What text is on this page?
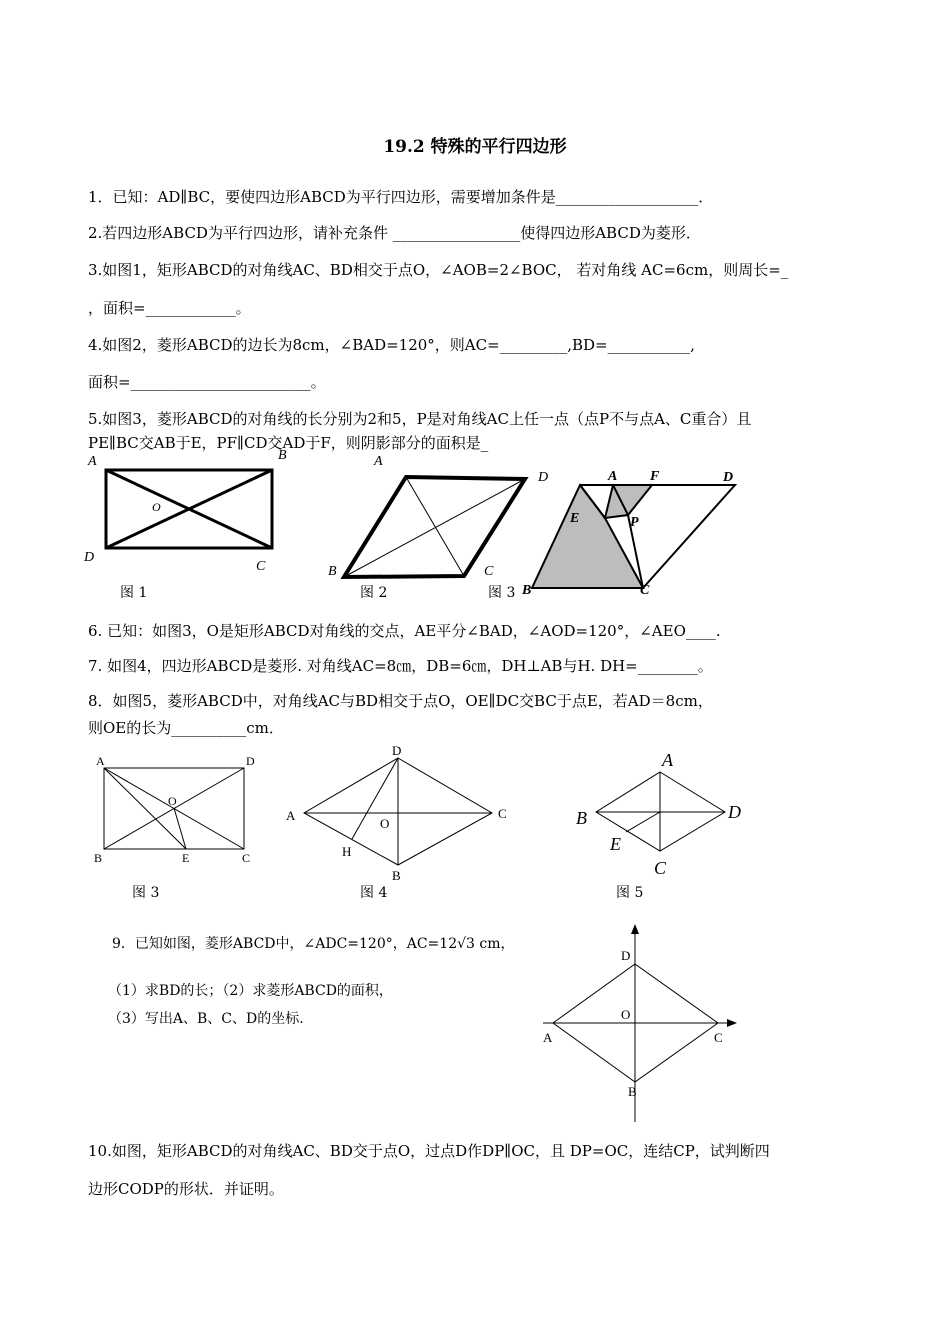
19.2 特殊的平行四边形
1．已知：AD∥BC，要使四边形ABCD为平行四边形，需要增加条件是___________________．
2.若四边形ABCD为平行四边形，请补充条件 _________________使得四边形ABCD为菱形．
3.如图1，矩形ABCD的对角线AC、BD相交于点O，∠AOB=2∠BOC， 若对角线 AC=6cm，则周长=_
，面积=____________。
4.如图2，菱形ABCD的边长为8cm，∠BAD=120°，则AC=_________,BD=___________,
面积=________________________。
5.如图3，菱形ABCD的对角线的长分别为2和5，P是对角线AC上任一点（点P不与点A、C重合）且
PE∥BC交AB于E，PF∥CD交AD于F，则阴影部分的面积是_
A	B
C
D
O
图 1
A
D
C
B
图 2
A F	D
E	P
B	C
图 3
6. 已知：如图3，O是矩形ABCD对角线的交点，AE平分∠BAD，∠AOD=120°，∠AEO____.
7. 如图4，四边形ABCD是菱形. 对角线AC=8㎝，DB=6㎝，DH⊥AB与H. DH=________。
8．如图5，菱形ABCD中，对角线AC与BD相交于点O，OE∥DC交BC于点E，若AD＝8cm，
则OE的长为__________cm．
A	D
B	E	C
O
图 3
D
C
A
B
O
H
图 4
A
D
B
E
C
图 5
9．已知如图，菱形ABCD中，∠ADC=120°，AC=12√3 cm，
（1）求BD的长；（2）求菱形ABCD的面积，
（3）写出A、B、C、D的坐标.
D
O
A	C
B
10.如图，矩形ABCD的对角线AC、BD交于点O，过点D作DP∥OC，且 DP=OC，连结CP，试判断四
边形CODP的形状．并证明。
